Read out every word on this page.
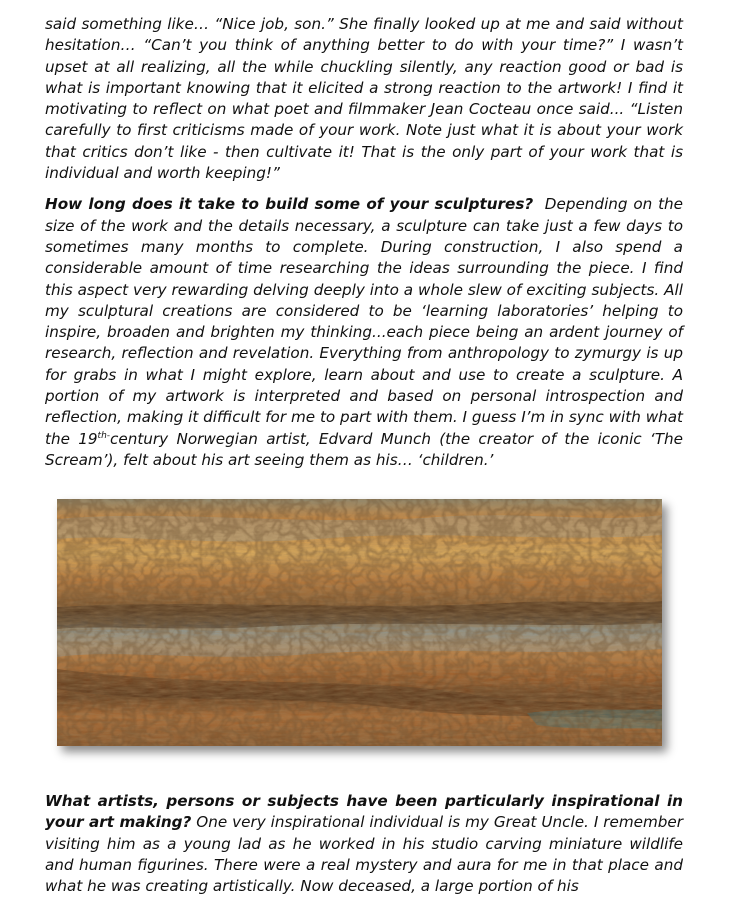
said something like… “Nice job, son.” She finally looked up at me and said without hesitation… “Can’t you think of anything better to do with your time?” I wasn’t upset at all realizing, all the while chuckling silently, any reaction good or bad is what is important knowing that it elicited a strong reaction to the artwork! I find it motivating to reflect on what poet and filmmaker Jean Cocteau once said... “Listen carefully to first criticisms made of your work. Note just what it is about your work that critics don’t like - then cultivate it! That is the only part of your work that is individual and worth keeping!”

How long does it take to build some of your sculptures? Depending on the size of the work and the details necessary, a sculpture can take just a few days to sometimes many months to complete. During construction, I also spend a considerable amount of time researching the ideas surrounding the piece. I find this aspect very rewarding delving deeply into a whole slew of exciting subjects. All my sculptural creations are considered to be ‘learning laboratories’ helping to inspire, broaden and brighten my thinking...each piece being an ardent journey of research, reflection and revelation. Everything from anthropology to zymurgy is up for grabs in what I might explore, learn about and use to create a sculpture. A portion of my artwork is interpreted and based on personal introspection and reflection, making it difficult for me to part with them. I guess I’m in sync with what the $19^{th-}century$ Norwegian artist, Edvard Munch (the creator of the iconic ‘The Scream’), felt about his art seeing them as his… ‘children.’

What artists, persons or subjects have been particularly inspirational in your art making? One very inspirational individual is my Great Uncle. I remember visiting him as a young lad as he worked in his studio carving miniature wildlife and human figurines. There were a real mystery and aura for me in that place and what he was creating artistically. Now deceased, a large portion of his
